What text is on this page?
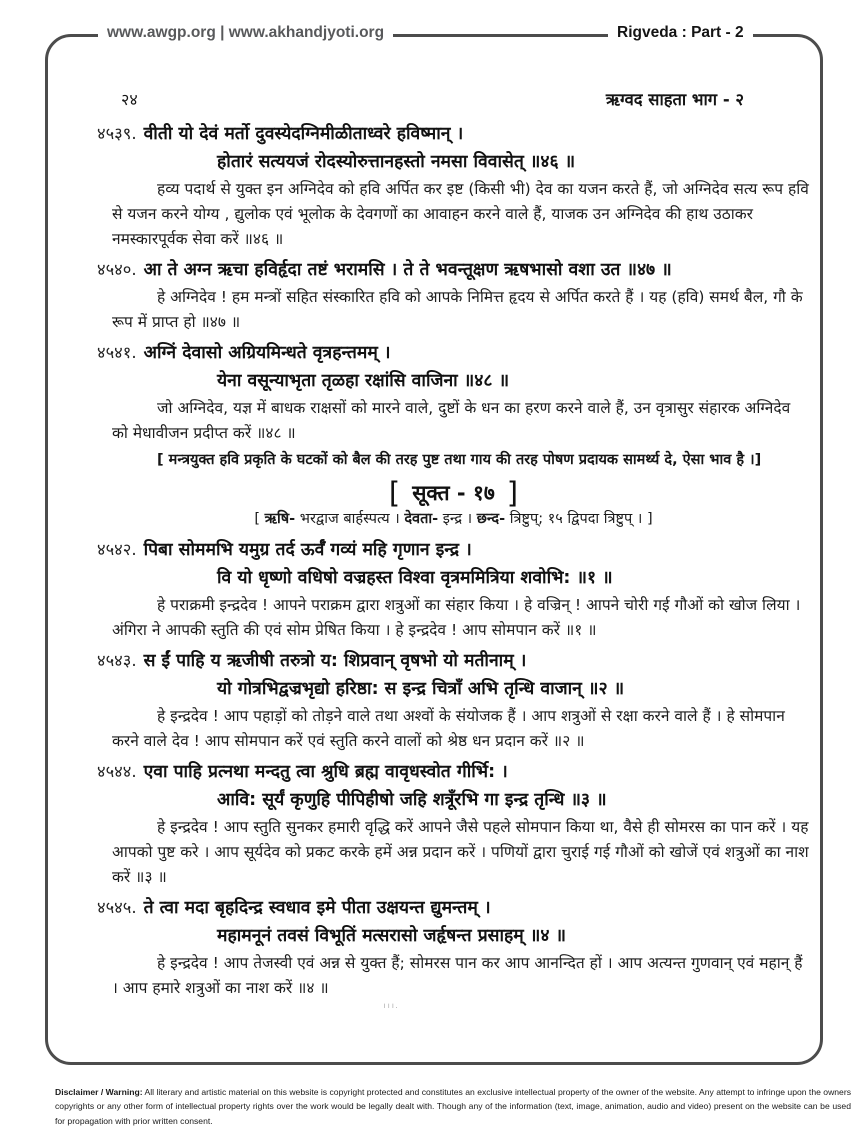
www.awgp.org | www.akhandjyoti.org	Rigveda : Part - 2
२४	ऋग्वद साहता भाग - २
४५३९. वीती यो देवं मर्तो दुवस्येदग्निमीळीताध्वरे हविष्मान् ।
होतारं सत्ययजं रोदस्योरुत्तानहस्तो नमसा विवासेत् ॥४६ ॥

हव्य पदार्थ से युक्त इन अग्निदेव को हवि अर्पित कर इष्ट (किसी भी) देव का यजन करते हैं, जो अग्निदेव सत्य रूप हवि से यजन करने योग्य , द्युलोक एवं भूलोक के देवगणों का आवाहन करने वाले हैं, याजक उन अग्निदेव की हाथ उठाकर नमस्कारपूर्वक सेवा करें ॥४६ ॥

४५४०. आ ते अग्न ऋचा हविर्हृदा तष्टं भरामसि । ते ते भवन्तूक्षण ऋषभासो वशा उत ॥४७ ॥

हे अग्निदेव ! हम मन्त्रों सहित संस्कारित हवि को आपके निमित्त हृदय से अर्पित करते हैं । यह (हवि) समर्थ बैल, गौ के रूप में प्राप्त हो ॥४७ ॥

४५४१. अग्निं देवासो अग्रियमिन्धते वृत्रहन्तमम् ।
येना वसून्याभृता तृळहा रक्षांसि वाजिना ॥४८ ॥

जो अग्निदेव, यज्ञ में बाधक राक्षसों को मारने वाले, दुष्टों के धन का हरण करने वाले हैं, उन वृत्रासुर संहारक अग्निदेव को मेधावीजन प्रदीप्त करें ॥४८ ॥

[ मन्त्रयुक्त हवि प्रकृति के घटकों को बैल की तरह पुष्ट तथा गाय की तरह पोषण प्रदायक सामर्थ्य दे, ऐसा भाव है ।]

[ सूक्त - १७ ]
[ ऋषि- भरद्वाज बार्हस्पत्य । देवता- इन्द्र । छन्द- त्रिष्टुप्; १५ द्विपदा त्रिष्टुप् । ]
४५४२. पिबा सोममभि यमुग्र तर्द ऊर्वँ गव्यं महि गृणान इन्द्र ।
वि यो धृष्णो वधिषो वज्रहस्त विश्वा वृत्रममित्रिया शवोभि: ॥१ ॥

हे पराक्रमी इन्द्रदेव ! आपने पराक्रम द्वारा शत्रुओं का संहार किया । हे वज्रिन् ! आपने चोरी गई गौओं को खोज लिया । अंगिरा ने आपकी स्तुति की एवं सोम प्रेषित किया । हे इन्द्रदेव ! आप सोमपान करें ॥१ ॥

४५४३. स ईं पाहि य ऋजीषी तरुत्रो य: शिप्रवान् वृषभो यो मतीनाम् ।
यो गोत्रभिद्वज्रभृद्यो हरिष्ठा: स इन्द्र चित्राँ अभि तृन्धि वाजान् ॥२ ॥

हे इन्द्रदेव ! आप पहाड़ों को तोड़ने वाले तथा अश्वों के संयोजक हैं । आप शत्रुओं से रक्षा करने वाले हैं । हे सोमपान करने वाले देव ! आप सोमपान करें एवं स्तुति करने वालों को श्रेष्ठ धन प्रदान करें ॥२ ॥

४५४४. एवा पाहि प्रत्नथा मन्दतु त्वा श्रुधि ब्रह्म वावृधस्वोत गीर्भि: ।
आवि: सूर्यं कृणुहि पीपिहीषो जहि शत्रूँरभि गा इन्द्र तृन्धि ॥३ ॥

हे इन्द्रदेव ! आप स्तुति सुनकर हमारी वृद्धि करें आपने जैसे पहले सोमपान किया था, वैसे ही सोमरस का पान करें । यह आपको पुष्ट करे । आप सूर्यदेव को प्रकट करके हमें अन्न प्रदान करें । पणियों द्वारा चुराई गई गौओं को खोजें एवं शत्रुओं का नाश करें ॥३ ॥

४५४५. ते त्वा मदा बृहदिन्द्र स्वधाव इमे पीता उक्षयन्त द्युमन्तम् ।
महामनूनं तवसं विभूतिं मत्सरासो जर्हृषन्त प्रसाहम् ॥४ ॥

हे इन्द्रदेव ! आप तेजस्वी एवं अन्न से युक्त हैं; सोमरस पान कर आप आनन्दित हों । आप अत्यन्त गुणवान् एवं महान् हैं । आप हमारे शत्रुओं का नाश करें ॥४ ॥

।।।.

Disclaimer / Warning: All literary and artistic material on this website is copyright protected and constitutes an exclusive intellectual property of the owner of the website. Any attempt to infringe upon the owners copyrights or any other form of intellectual property rights over the work would be legally dealt with. Though any of the information (text, image, animation, audio and video) present on the website can be used for propagation with prior written consent.
